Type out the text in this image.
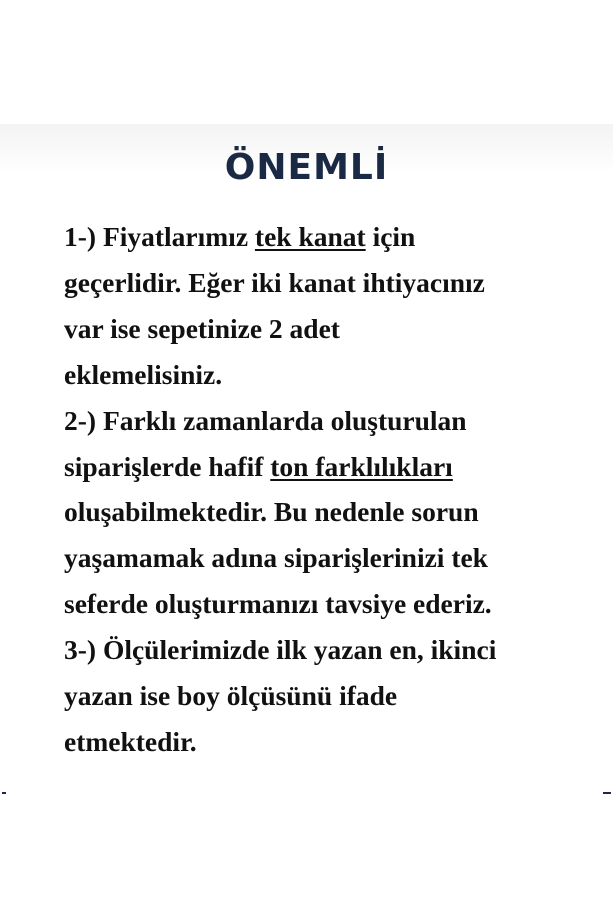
ÖNEMLİ
1-) Fiyatlarımız tek kanat için
geçerlidir. Eğer iki kanat ihtiyacınız
var ise sepetinize 2 adet
eklemelisiniz.
2-) Farklı zamanlarda oluşturulan
siparişlerde hafif ton farklılıkları
oluşabilmektedir. Bu nedenle sorun
yaşamamak adına siparişlerinizi tek
seferde oluşturmanızı tavsiye ederiz.
3-) Ölçülerimizde ilk yazan en, ikinci
yazan ise boy ölçüsünü ifade
etmektedir.
